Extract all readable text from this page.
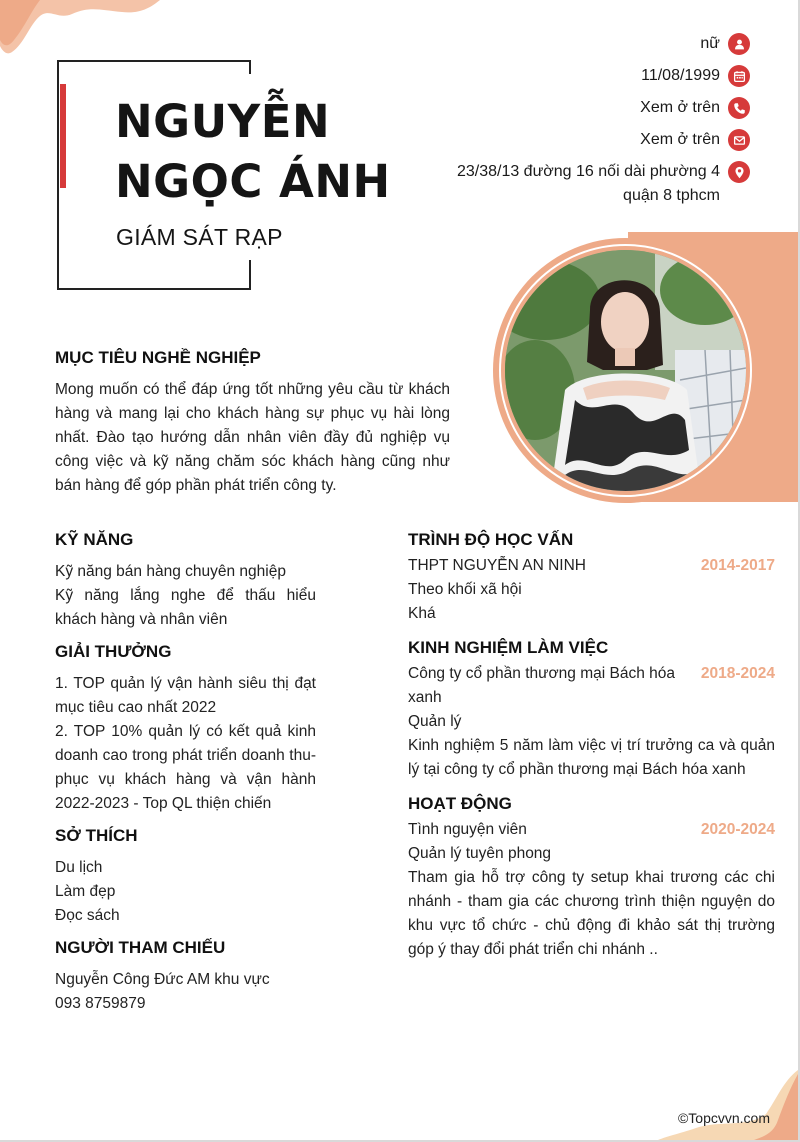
NGUYỄN
NGỌC ÁNH
GIÁM SÁT RẠP
nữ
11/08/1999
Xem ở trên
Xem ở trên
23/38/13 đường 16 nối dài phường 4
quận 8 tphcm
MỤC TIÊU NGHỀ NGHIỆP
Mong muốn có thể đáp ứng tốt những yêu cầu từ khách hàng và mang lại cho khách hàng sự phục vụ hài lòng nhất. Đào tạo hướng dẫn nhân viên đầy đủ nghiệp vụ công việc và kỹ năng chăm sóc khách hàng cũng như bán hàng để góp phần phát triển công ty.
KỸ NĂNG
Kỹ năng bán hàng chuyên nghiệp
Kỹ năng lắng nghe để thấu hiểu khách hàng và nhân viên
GIẢI THƯỞNG
1. TOP quản lý vận hành siêu thị đạt mục tiêu cao nhất 2022
2. TOP 10% quản lý có kết quả kinh doanh cao trong phát triển doanh thu- phục vụ khách hàng và vận hành 2022-2023 - Top QL thiện chiến
SỞ THÍCH
Du lịch
Làm đẹp
Đọc sách
NGƯỜI THAM CHIẾU
Nguyễn Công Đức AM khu vực
093 8759879
TRÌNH ĐỘ HỌC VẤN
THPT NGUYỄN AN NINH	2014-2017
Theo khối xã hội
Khá
KINH NGHIỆM LÀM VIỆC
Công ty cổ phần thương mại Bách hóa xanh
2018-2024
Quản lý
Kinh nghiệm 5 năm làm việc vị trí trưởng ca và quản lý tại công ty cổ phần thương mại Bách hóa xanh
HOẠT ĐỘNG
Tình nguyện viên	2020-2024
Quản lý tuyên phong
Tham gia hỗ trợ công ty setup khai trương các chi nhánh - tham gia các chương trình thiện nguyện do khu vực tổ chức - chủ động đi khảo sát thị trường góp ý thay đổi phát triển chi nhánh ..
©Topcvvn.com
